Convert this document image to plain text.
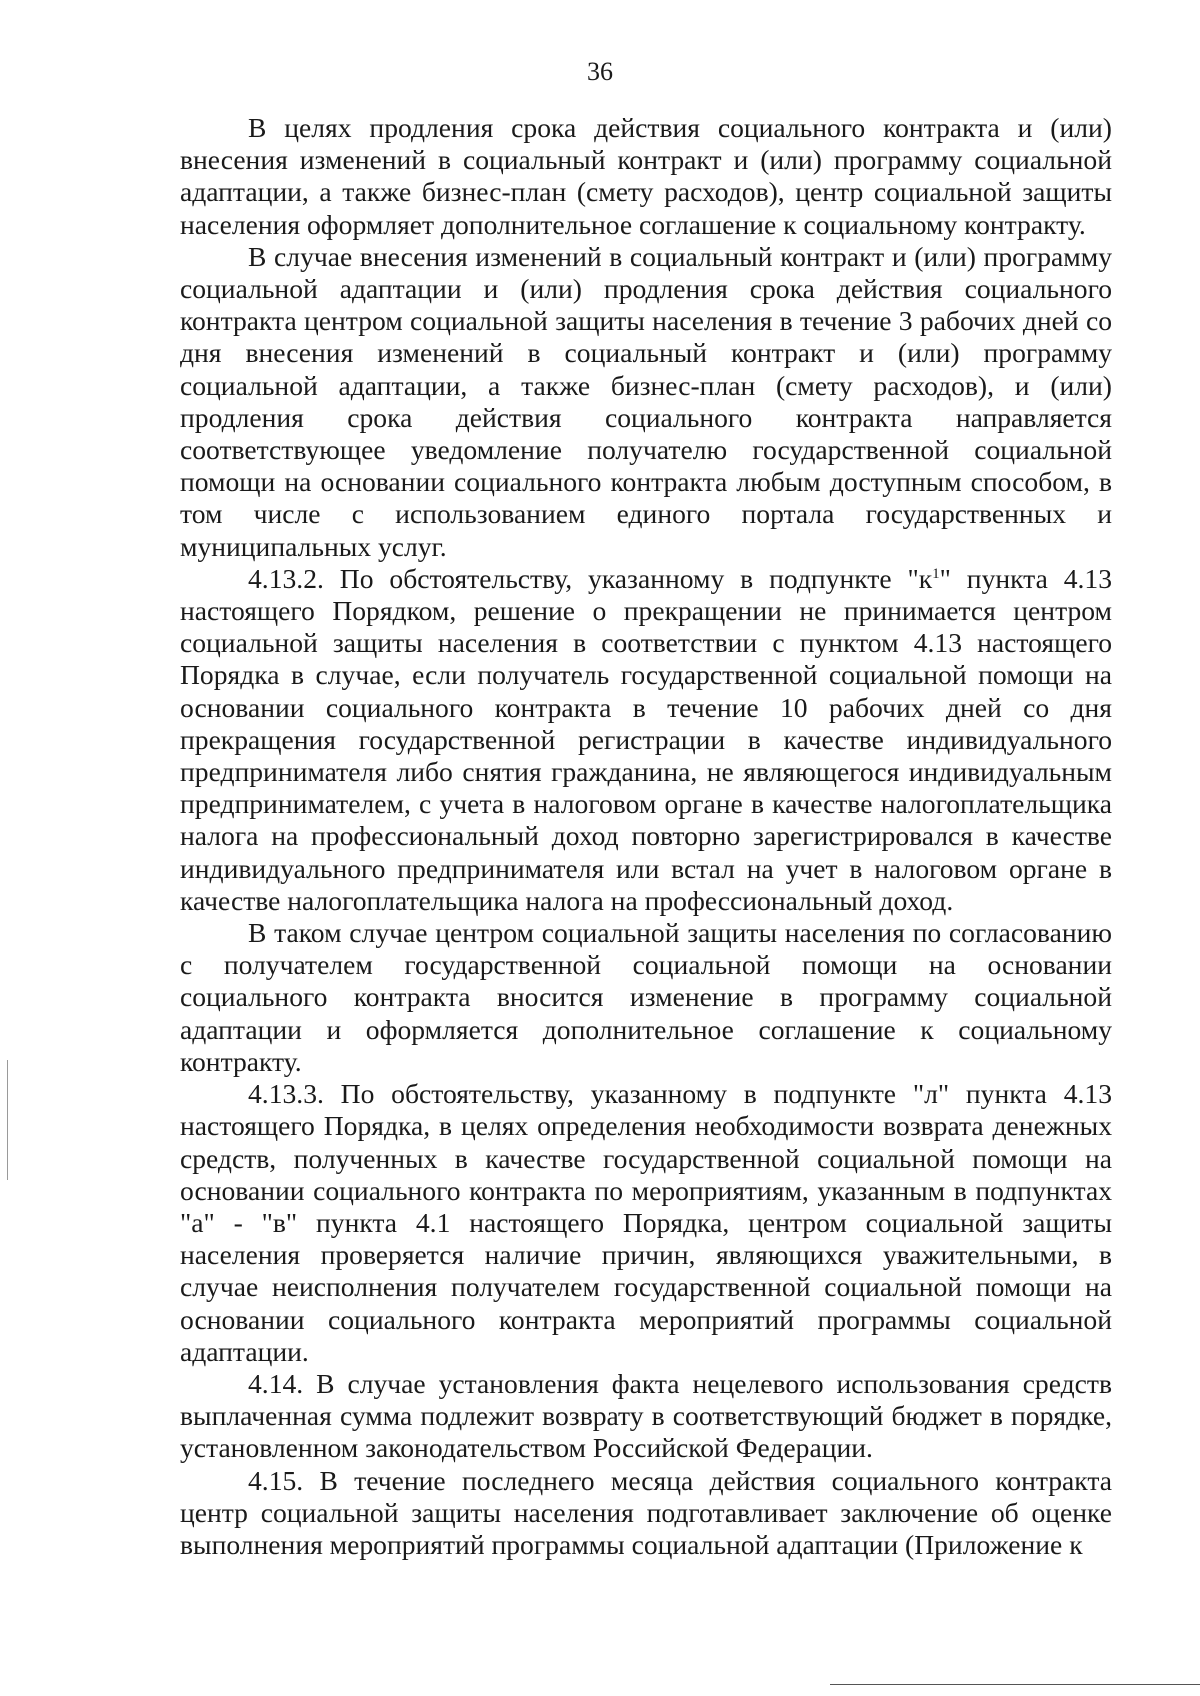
36

В целях продления срока действия социального контракта и (или) внесения изменений в социальный контракт и (или) программу социальной адаптации, а также бизнес-план (смету расходов), центр социальной защиты населения оформляет дополнительное соглашение к социальному контракту.

В случае внесения изменений в социальный контракт и (или) программу социальной адаптации и (или) продления срока действия социального контракта центром социальной защиты населения в течение 3 рабочих дней со дня внесения изменений в социальный контракт и (или) программу социальной адаптации, а также бизнес-план (смету расходов), и (или) продления срока действия социального контракта направляется соответствующее уведомление получателю государственной социальной помощи на основании социального контракта любым доступным способом, в том числе с использованием единого портала государственных и муниципальных услуг.

4.13.2. По обстоятельству, указанному в подпункте "$к^1$" пункта 4.13 настоящего Порядком, решение о прекращении не принимается центром социальной защиты населения в соответствии с пунктом 4.13 настоящего Порядка в случае, если получатель государственной социальной помощи на основании социального контракта в течение 10 рабочих дней со дня прекращения государственной регистрации в качестве индивидуального предпринимателя либо снятия гражданина, не являющегося индивидуальным предпринимателем, с учета в налоговом органе в качестве налогоплательщика налога на профессиональный доход повторно зарегистрировался в качестве индивидуального предпринимателя или встал на учет в налоговом органе в качестве налогоплательщика налога на профессиональный доход.

В таком случае центром социальной защиты населения по согласованию с получателем государственной социальной помощи на основании социального контракта вносится изменение в программу социальной адаптации и оформляется дополнительное соглашение к социальному контракту.

4.13.3. По обстоятельству, указанному в подпункте "л" пункта 4.13 настоящего Порядка, в целях определения необходимости возврата денежных средств, полученных в качестве государственной социальной помощи на основании социального контракта по мероприятиям, указанным в подпунктах "а" - "в" пункта 4.1 настоящего Порядка, центром социальной защиты населения проверяется наличие причин, являющихся уважительными, в случае неисполнения получателем государственной социальной помощи на основании социального контракта мероприятий программы социальной адаптации.

4.14. В случае установления факта нецелевого использования средств выплаченная сумма подлежит возврату в соответствующий бюджет в порядке, установленном законодательством Российской Федерации.

4.15. В течение последнего месяца действия социального контракта центр социальной защиты населения подготавливает заключение об оценке выполнения мероприятий программы социальной адаптации (Приложение к
